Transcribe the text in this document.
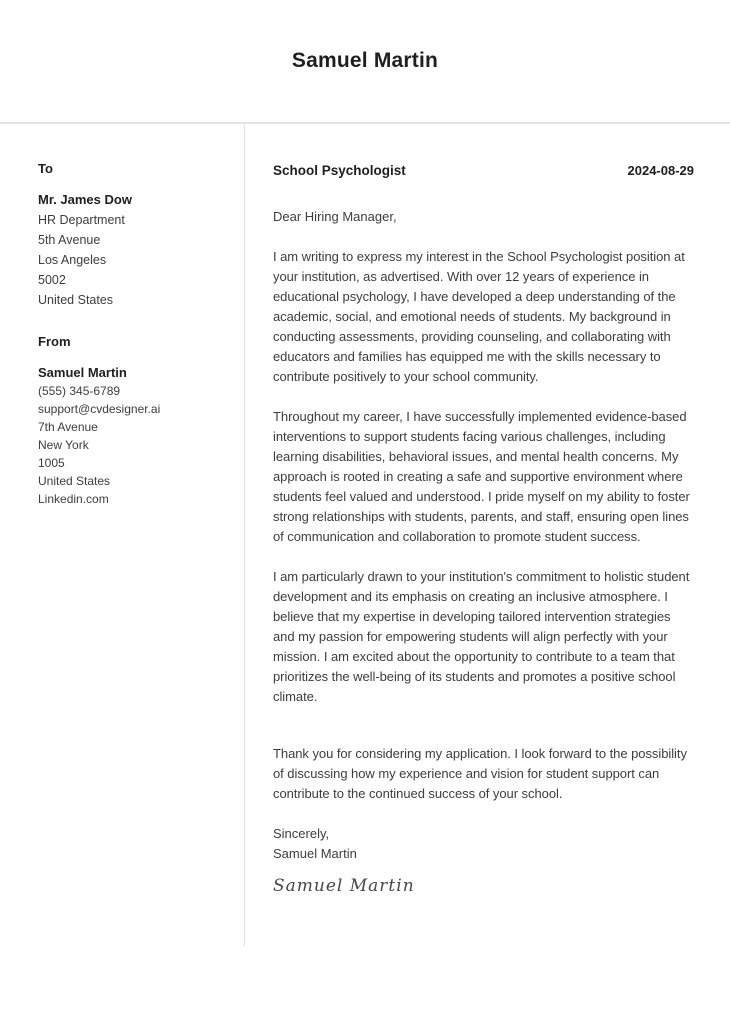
Samuel Martin
To
Mr. James Dow
HR Department
5th Avenue
Los Angeles
5002
United States
From
Samuel Martin
(555) 345-6789
support@cvdesigner.ai
7th Avenue
New York
1005
United States
Linkedin.com
School Psychologist	2024-08-29
Dear Hiring Manager,
I am writing to express my interest in the School Psychologist position at your institution, as advertised. With over 12 years of experience in educational psychology, I have developed a deep understanding of the academic, social, and emotional needs of students. My background in conducting assessments, providing counseling, and collaborating with educators and families has equipped me with the skills necessary to contribute positively to your school community.
Throughout my career, I have successfully implemented evidence-based interventions to support students facing various challenges, including learning disabilities, behavioral issues, and mental health concerns. My approach is rooted in creating a safe and supportive environment where students feel valued and understood. I pride myself on my ability to foster strong relationships with students, parents, and staff, ensuring open lines of communication and collaboration to promote student success.
I am particularly drawn to your institution's commitment to holistic student development and its emphasis on creating an inclusive atmosphere. I believe that my expertise in developing tailored intervention strategies and my passion for empowering students will align perfectly with your mission. I am excited about the opportunity to contribute to a team that prioritizes the well-being of its students and promotes a positive school climate.
Thank you for considering my application. I look forward to the possibility of discussing how my experience and vision for student support can contribute to the continued success of your school.
Sincerely,
Samuel Martin
Samuel Martin
